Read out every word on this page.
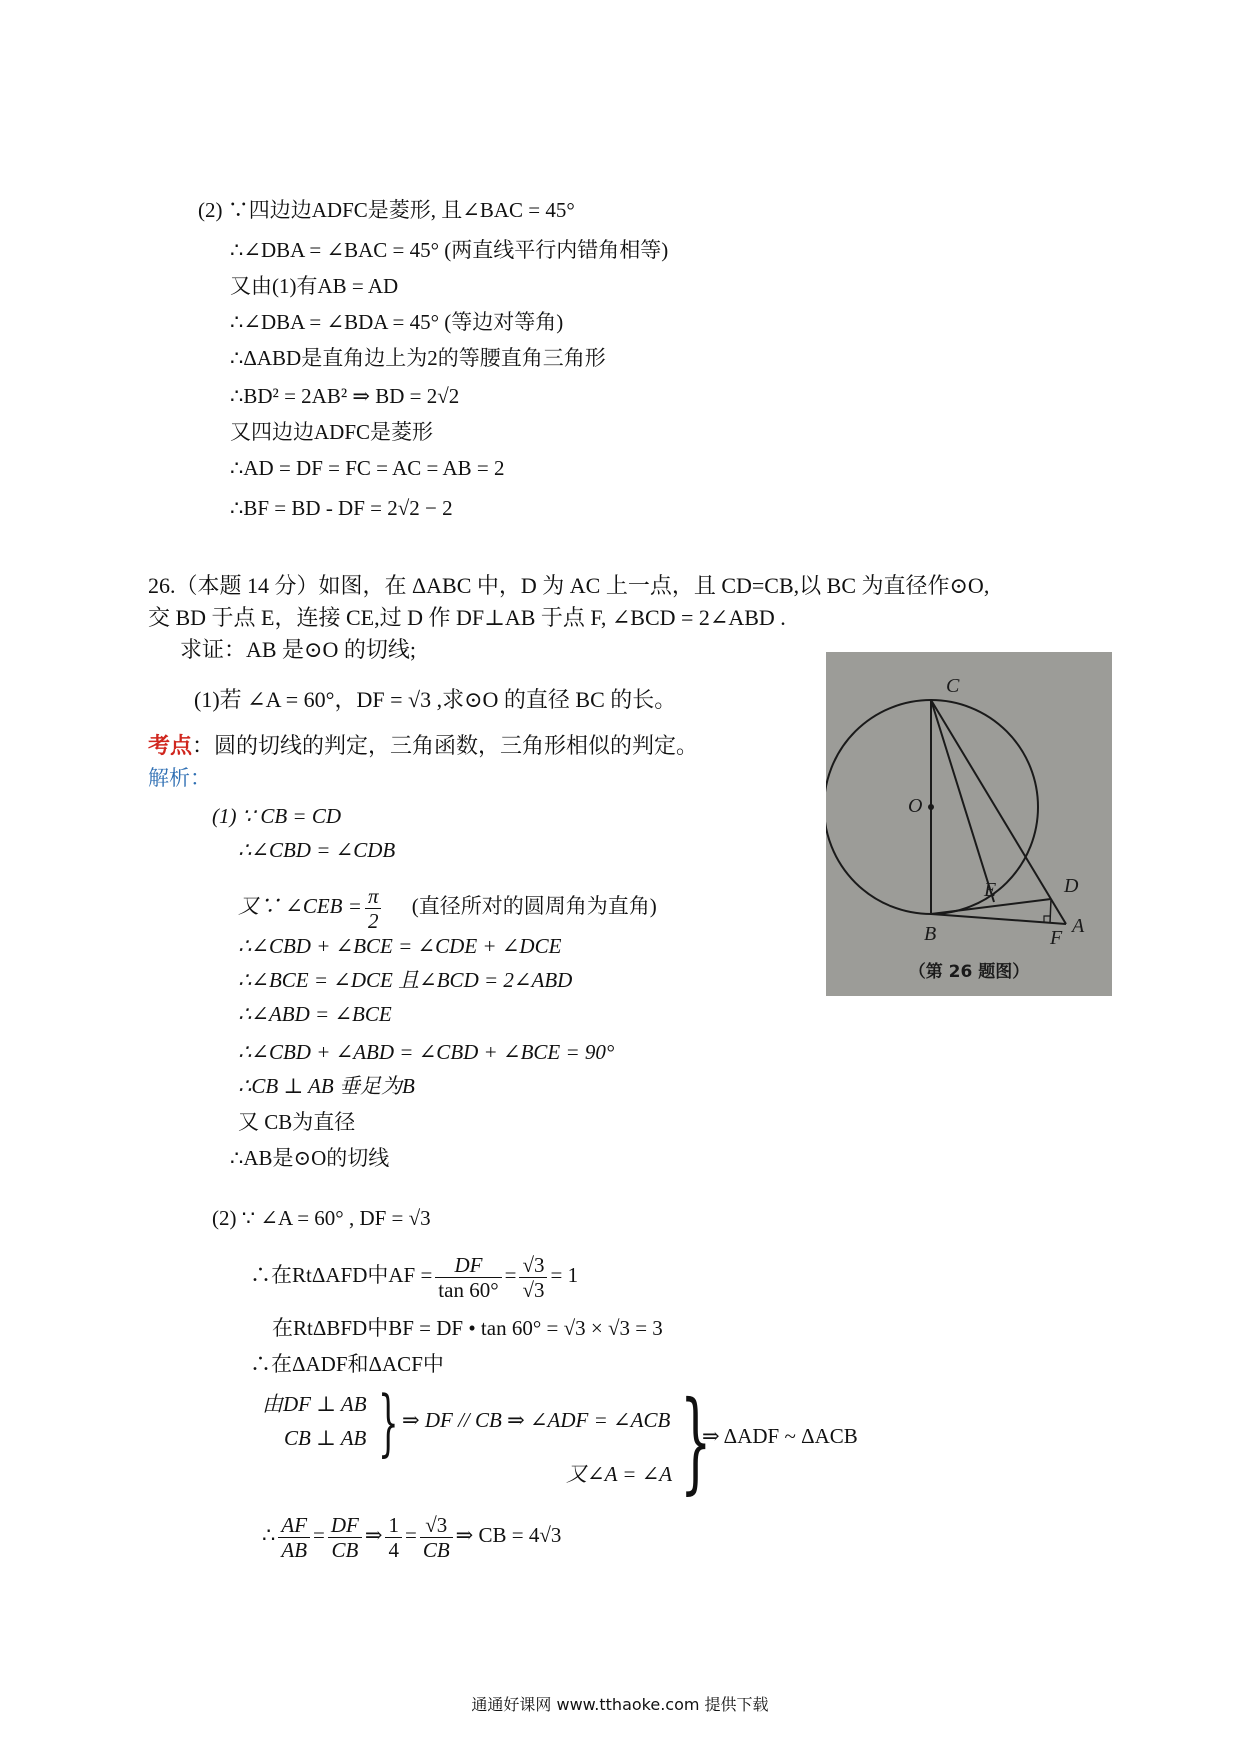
(2) ∵四边边ADFC是菱形, 且∠BAC = 45°
∴∠DBA = ∠BAC = 45° (两直线平行内错角相等)
又由(1)有AB = AD
∴∠DBA = ∠BDA = 45° (等边对等角)
∴ΔABD是直角边上为2的等腰直角三角形
∴BD² = 2AB² ⇒ BD = 2√2
又四边边ADFC是菱形
∴AD = DF = FC = AC = AB = 2
∴BF = BD - DF = 2√2 − 2
26.（本题 14 分）如图，在 ΔABC 中，D 为 AC 上一点，且 CD=CB,以 BC 为直径作⊙O,
交 BD 于点 E，连接 CE,过 D 作 DF⊥AB 于点 F, ∠BCD = 2∠ABD .
求证：AB 是⊙O 的切线;
(1)若 ∠A = 60°，DF = √3 ,求⊙O 的直径 BC 的长。
考点：圆的切线的判定，三角函数，三角形相似的判定。
解析：
C
O
D
E
B	F
A
（第 26 题图）
(1) ∵ CB = CD
∴∠CBD = ∠CDB
又∵ ∠CEB = $\frac{\pi}{2}$ (直径所对的圆周角为直角)
∴∠CBD + ∠BCE = ∠CDE + ∠DCE
∴∠BCE = ∠DCE 且∠BCD = 2∠ABD
∴∠ABD = ∠BCE
∴∠CBD + ∠ABD = ∠CBD + ∠BCE = 90°
∴CB ⊥ AB 垂足为B
又 CB为直径
∴AB是⊙O的切线
(2) ∵ ∠A = 60° , DF = √3
∴在RtΔAFD中AF = $\frac{DF}{\tan 60^\circ} = \frac{√3}{√3} = 1$
在RtΔBFD中BF = DF • tan 60° = √3 × √3 = 3
∴在ΔADF和ΔACF中
由DF ⊥ AB
CB ⊥ AB } ⇒ DF // CB ⇒ ∠ADF = ∠ACB
又∠A = ∠A }
⇒ ΔADF ~ ΔACB
∴ $\frac{AF}{AB} = \frac{DF}{CB}$ ⇒ $\frac{1}{4} = \frac{√3}{CB}$ ⇒ CB = 4√3
通通好课网 www.tthaoke.com 提供下载
